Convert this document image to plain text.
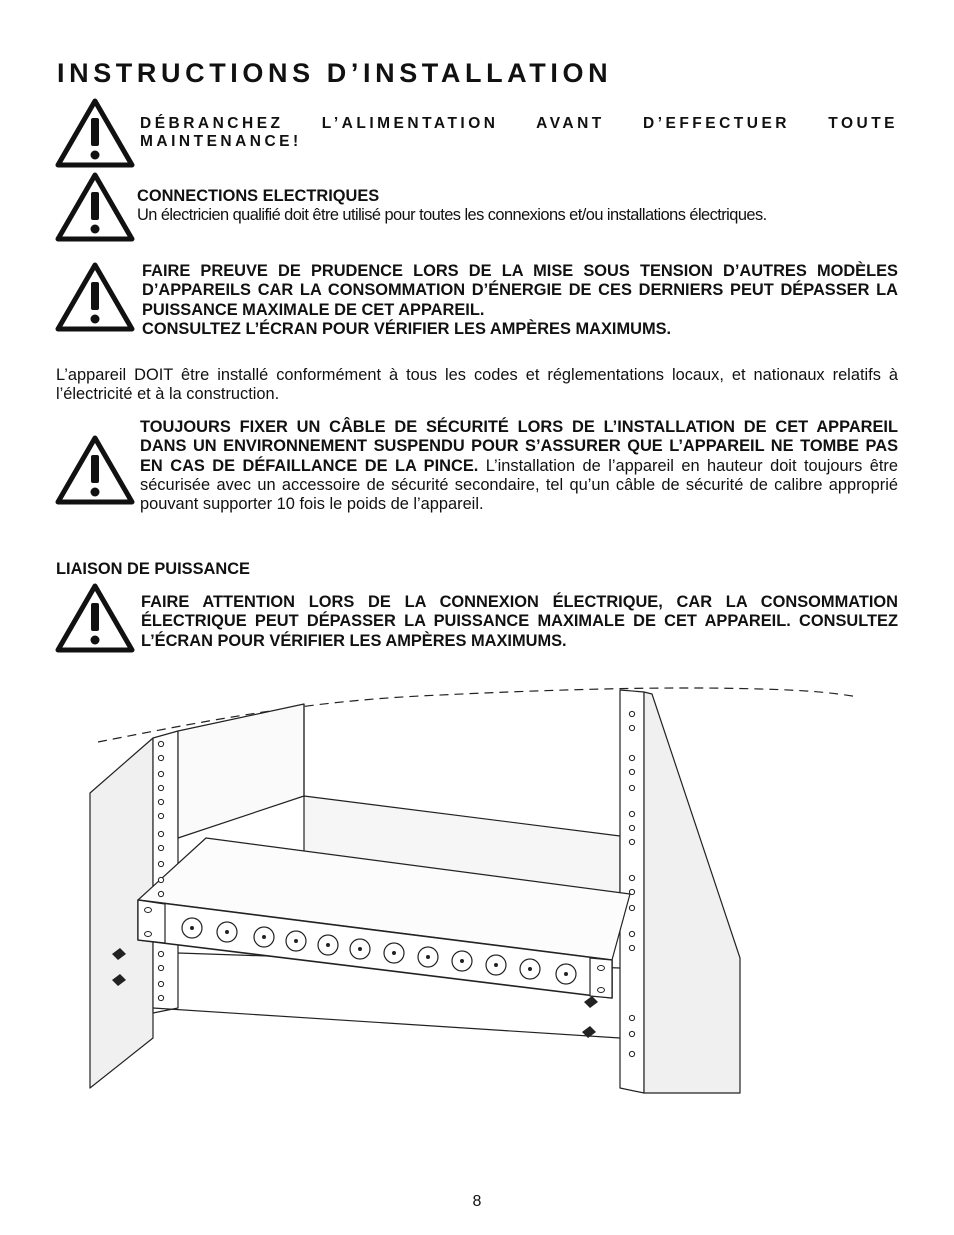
INSTRUCTIONS D’INSTALLATION
DÉBRANCHEZ L’ALIMENTATION AVANT D’EFFECTUER TOUTE
MAINTENANCE!
CONNECTIONS ELECTRIQUES
Un électricien qualifié doit être utilisé pour toutes les connexions et/ou installations électriques.
FAIRE PREUVE DE PRUDENCE LORS DE LA MISE SOUS TENSION D’AUTRES MODÈLES D’APPAREILS CAR LA CONSOMMATION D’ÉNERGIE DE CES DERNIERS PEUT DÉPASSER LA PUISSANCE MAXIMALE DE CET APPAREIL.
CONSULTEZ L’ÉCRAN POUR VÉRIFIER LES AMPÈRES MAXIMUMS.
L’appareil DOIT être installé conformément à tous les codes et réglementations locaux, et nationaux relatifs à l’électricité et à la construction.
TOUJOURS FIXER UN CÂBLE DE SÉCURITÉ LORS DE L’INSTALLATION DE CET APPAREIL DANS UN ENVIRONNEMENT SUSPENDU POUR S’ASSURER QUE L’APPAREIL NE TOMBE PAS EN CAS DE DÉFAILLANCE DE LA PINCE. L’installation de l’appareil en hauteur doit toujours être sécurisée avec un accessoire de sécurité secondaire, tel qu’un câble de sécurité de calibre approprié pouvant supporter 10 fois le poids de l’appareil.
LIAISON DE PUISSANCE
FAIRE ATTENTION LORS DE LA CONNEXION ÉLECTRIQUE, CAR LA CONSOMMATION ÉLECTRIQUE PEUT DÉPASSER LA PUISSANCE MAXIMALE DE CET APPAREIL. CONSULTEZ L’ÉCRAN POUR VÉRIFIER LES AMPÈRES MAXIMUMS.
8
